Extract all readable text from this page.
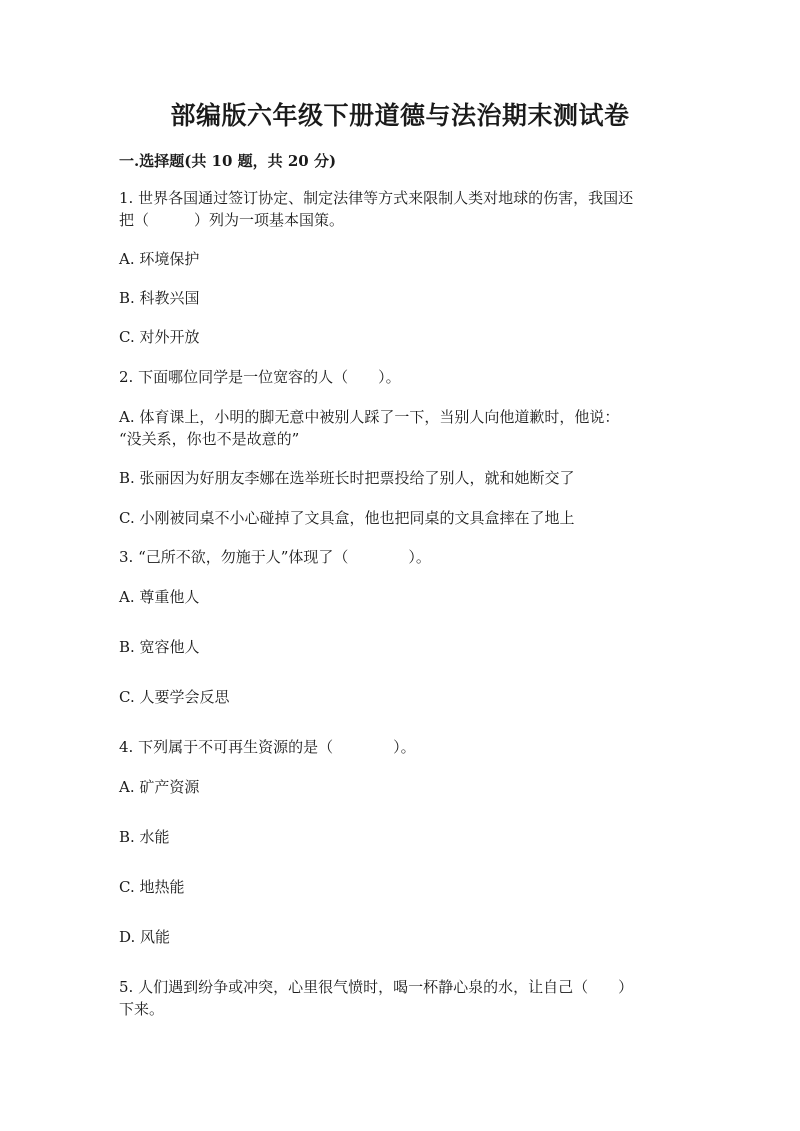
部编版六年级下册道德与法治期末测试卷
一.选择题(共 10 题，共 20 分)
1. 世界各国通过签订协定、制定法律等方式来限制人类对地球的伤害，我国还
把（　　　）列为一项基本国策。
A. 环境保护
B. 科教兴国
C. 对外开放
2. 下面哪位同学是一位宽容的人（　　）。
A. 体育课上，小明的脚无意中被别人踩了一下，当别人向他道歉时，他说：
“没关系，你也不是故意的”
B. 张丽因为好朋友李娜在选举班长时把票投给了别人，就和她断交了
C. 小刚被同桌不小心碰掉了文具盒，他也把同桌的文具盒摔在了地上
3. “己所不欲，勿施于人”体现了（　　　　）。
A. 尊重他人
B. 宽容他人
C. 人要学会反思
4. 下列属于不可再生资源的是（　　　　）。
A. 矿产资源
B. 水能
C. 地热能
D. 风能
5. 人们遇到纷争或冲突，心里很气愤时，喝一杯静心泉的水，让自己（　　）
下来。
